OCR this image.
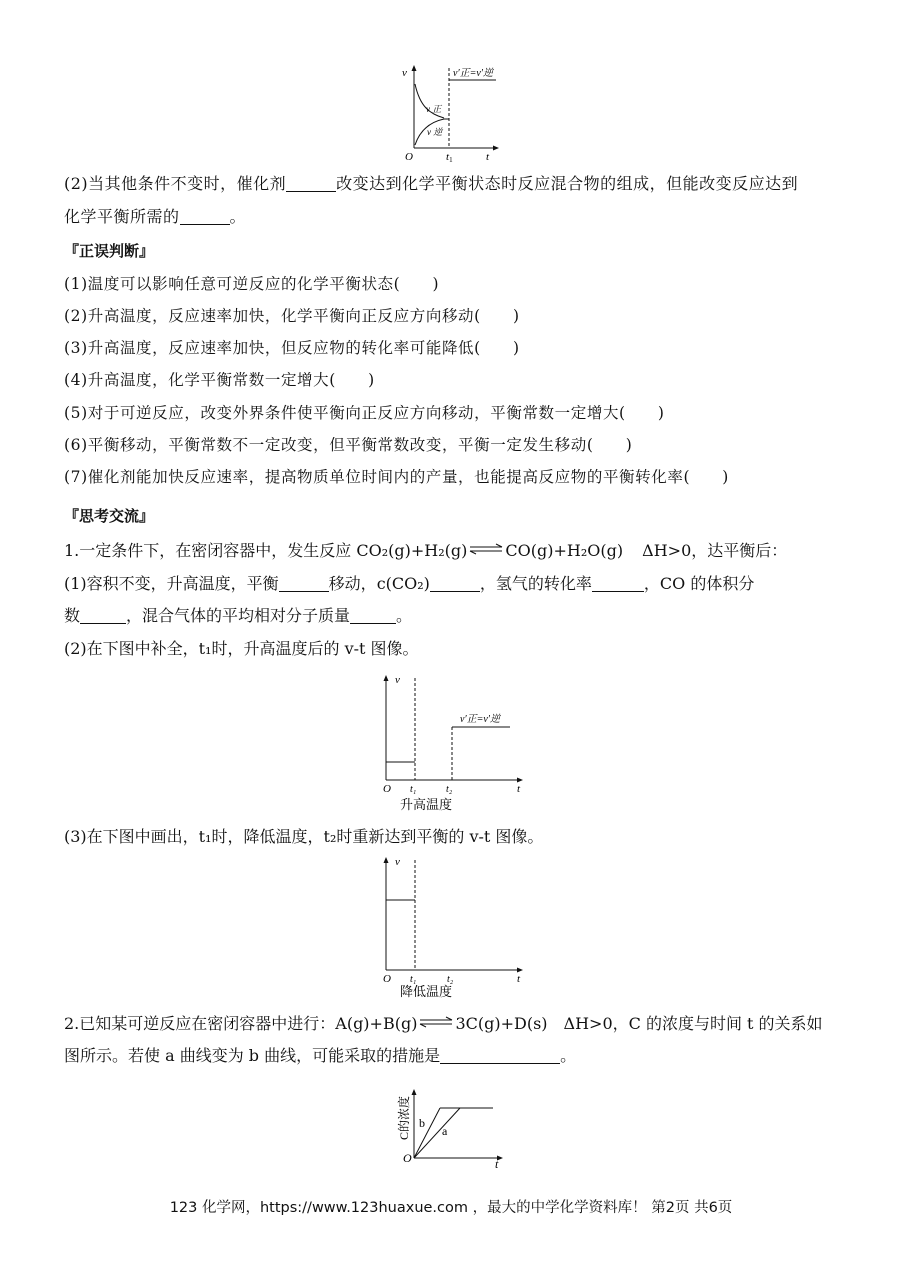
v
t
O	t1
v′正=v′逆
v 正
v 逆
(2)当其他条件不变时，催化剂	改变达到化学平衡状态时反应混合物的组成，但能改变反应达到
化学平衡所需的	。
『正误判断』
(1)温度可以影响任意可逆反应的化学平衡状态(　　)
(2)升高温度，反应速率加快，化学平衡向正反应方向移动(　　)
(3)升高温度，反应速率加快，但反应物的转化率可能降低(　　)
(4)升高温度，化学平衡常数一定增大(　　)
(5)对于可逆反应，改变外界条件使平衡向正反应方向移动，平衡常数一定增大(　　)
(6)平衡移动，平衡常数不一定改变，但平衡常数改变，平衡一定发生移动(　　)
(7)催化剂能加快反应速率，提高物质单位时间内的产量，也能提高反应物的平衡转化率(　　)
『思考交流』
1.一定条件下，在密闭容器中，发生反应 CO₂(g)+H₂(g) ⇌ CO(g)+H₂O(g) ΔH>0，达平衡后：
(1)容积不变，升高温度，平衡	移动，c(CO₂)	，氢气的转化率	，CO 的体积分
数	，混合气体的平均相对分子质量	。
(2)在下图中补全，t₁时，升高温度后的 v-t 图像。
v
t
O t₁	t₂
v′正=v′逆
升高温度
(3)在下图中画出，t₁时，降低温度，t₂时重新达到平衡的 v-t 图像。
v
t
O t₁	t₂
降低温度
2.已知某可逆反应在密闭容器中进行：A(g)+B(g) ⇌ 3C(g)+D(s)　ΔH>0，C 的浓度与时间 t 的关系如
图所示。若使 a 曲线变为 b 曲线，可能采取的措施是	。
C的浓度 b
a
O	t
123 化学网，https://www.123huaxue.com ，最大的中学化学资料库！ 第2页 共6页
